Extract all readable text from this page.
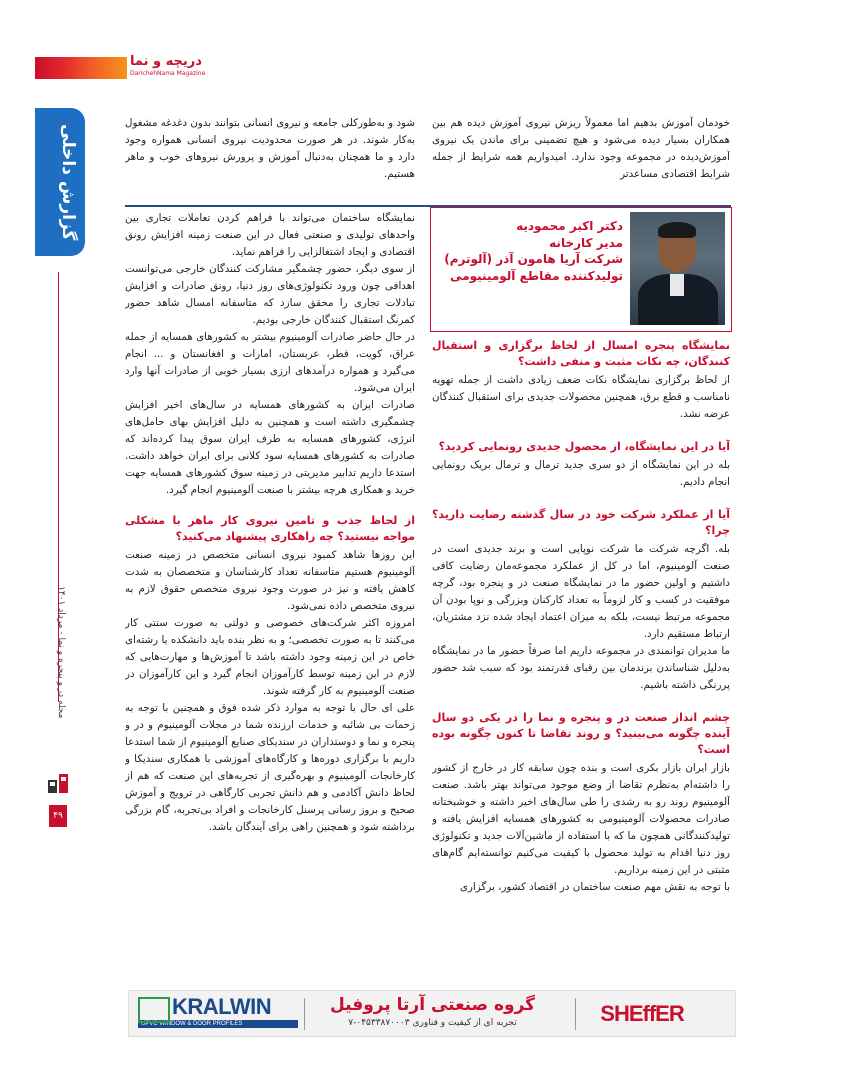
دریچه و نما
DarichehNama Magazine
گزارش داخلی
مجله در و پنجره و نما - مرداد ۱۴۰۱
۴۹

خودمان آموزش بدهیم اما معمولاً ریزش نیروی آموزش دیده هم بین همکاران بسیار دیده می‌شود و هیچ تضمینی برای ماندن یک نیروی آموزش‌دیده در مجموعه وجود ندارد. امیدواریم همه شرایط از جمله شرایط اقتصادی مساعدتر

شود و به‌طورکلی جامعه و نیروی انسانی بتوانند بدون دغدغه مشغول به‌کار شوند. در هر صورت محدودیت نیروی انسانی همواره وجود دارد و ما همچنان به‌دنبال آموزش و پرورش نیروهای خوب و ماهر هستیم.

دکتر اکبر محمودیه
مدیر کارخانه
شرکت آریا هامون آذر (آلوترم)
تولیدکننده مقاطع آلومینیومی

نمایشگاه پنجره امسال از لحاظ برگزاری و استقبال کنندگان، چه نکات مثبت و منفی داشت؟

از لحاظ برگزاری نمایشگاه نکات ضعف زیادی داشت از جمله تهویه نامناسب و قطع برق، همچنین محصولات جدیدی برای استقبال کنندگان عرضه نشد.

آیا در این نمایشگاه، از محصول جدیدی رونمایی کردید؟

بله در این نمایشگاه از دو سری جدید ترمال و ترمال بریک رونمایی انجام دادیم.

آیا از عملکرد شرکت خود در سال گذشته رضایت دارید؟ چرا؟

بله. اگرچه شرکت ما شرکت نوپایی است و برند جدیدی است در صنعت آلومینیوم، اما در کل از عملکرد مجموعه‌مان رضایت کافی داشتیم و اولین حضور ما در نمایشگاه صنعت در و پنجره بود، گرچه موفقیت در کسب و کار لزوماً به تعداد کارکنان وبزرگی و نوپا بودن آن مجموعه مرتبط نیست، بلکه به میزان اعتماد ایجاد شده نزد مشتریان، ارتباط مستقیم دارد.

ما مدیران توانمندی در مجموعه داریم اما صرفاً حضور ما در نمایشگاه به‌دلیل شناساندن برندمان بین رقبای قدرتمند بود که سبب شد حضور پررنگی داشته باشیم.

چشم انداز صنعت در و پنجره و نما را در یکی دو سال آینده چگونه می‌بینید؟ و روند تقاضا تا کنون چگونه بوده است؟

بازار ایران بازار بکری است و بنده چون سابقه کار در خارج از کشور را داشته‌ام به‌نظرم تقاضا از وضع موجود می‌تواند بهتر باشد. صنعت آلومینیوم روند رو به رشدی را طی سال‌های اخیر داشته و خوشبختانه صادرات محصولات آلومینیومی به کشورهای همسایه افزایش یافته و تولیدکنندگانی همچون ما که با استفاده از ماشین‌آلات جدید و تکنولوژی روز دنیا اقدام به تولید محصول با کیفیت می‌کنیم توانسته‌ایم گام‌های مثبتی در این زمینه برداریم.

با توجه به نقش مهم صنعت ساختمان در اقتصاد کشور، برگزاری

نمایشگاه ساختمان می‌تواند با فراهم کردن تعاملات تجاری بین واحدهای تولیدی و صنعتی فعال در این صنعت زمینه افزایش رونق اقتصادی و ایجاد اشتغالزایی را فراهم نماید.

از سوی دیگر، حضور چشمگیر مشارکت کنندگان خارجی می‌توانست اهدافی چون ورود تکنولوژی‌های روز دنیا، رونق صادرات و افزایش تبادلات تجاری را محقق سازد که متاسفانه امسال شاهد حضور کمرنگ استقبال کنندگان خارجی بودیم.

در حال حاضر صادرات آلومینیوم بیشتر به کشورهای همسایه از جمله عراق، کویت، قطر، عربستان، امارات و افغانستان و ... انجام می‌گیرد و همواره درآمدهای ارزی بسیار خوبی از صادرات آنها وارد ایران می‌شود.

صادرات ایران به کشورهای همسایه در سال‌های اخیر افزایش چشمگیری داشته است و همچنین به دلیل افزایش بهای حامل‌های انرژی، کشورهای همسایه به طرف ایران سوق پیدا کرده‌اند که صادرات به کشورهای همسایه سود کلانی برای ایران خواهد داشت. استدعا داریم تدابیر مدیریتی در زمینه سوق کشورهای همسایه جهت خرید و همکاری هرچه بیشتر با صنعت آلومینیوم انجام گیرد.

از لحاظ جذب و تامین نیروی کار ماهر با مشکلی مواجه نیستید؟ چه راهکاری پیشنهاد می‌کنید؟

این روزها شاهد کمبود نیروی انسانی متخصص در زمینه صنعت آلومینیوم هستیم متاسفانه تعداد کارشناسان و متخصصان به شدت کاهش یافته و نیز در صورت وجود نیروی متخصص حقوق لازم به نیروی متخصص داده نمی‌شود.

امروزه اکثر شرکت‌های خصوصی و دولتی به صورت سنتی کار می‌کنند تا به صورت تخصصی؛ و به نظر بنده باید دانشکده یا رشته‌ای خاص در این زمینه وجود داشته باشد تا آموزش‌ها و مهارت‌هایی که لازم در این زمینه توسط کارآموزان انجام گیرد و این کارآموزان در صنعت آلومینیوم به کار گرفته شوند.

علی ای حال با توجه به موارد ذکر شده فوق و همچنین با توجه به زحمات بی شائبه و خدمات ارزنده شما در مجلات آلومینیوم و در و پنجره و نما و دوستداران در سندیکای صنایع آلومینیوم از شما استدعا داریم با برگزاری دوره‌ها و کارگاه‌های آموزشی با همکاری سندیکا و کارخانجات آلومینیوم و بهره‌گیری از تجربه‌های این صنعت که هم از لحاظ دانش آکادمی و هم دانش تجربی کارگاهی در ترویج و آموزش صحیح و بروز رسانی پرسنل کارخانجات و افراد بی‌تجربه، گام بزرگی برداشته شود و همچنین راهی برای آیندگان باشد.

KRALWIN
UPVC WINDOW & DOOR PROFILES
گروه صنعتی آرتا پروفیل
تجربه ای از کیفیت و فناوری ۰۴۵۳۳۸۷۰۰۰۳-۷	SHEffER
